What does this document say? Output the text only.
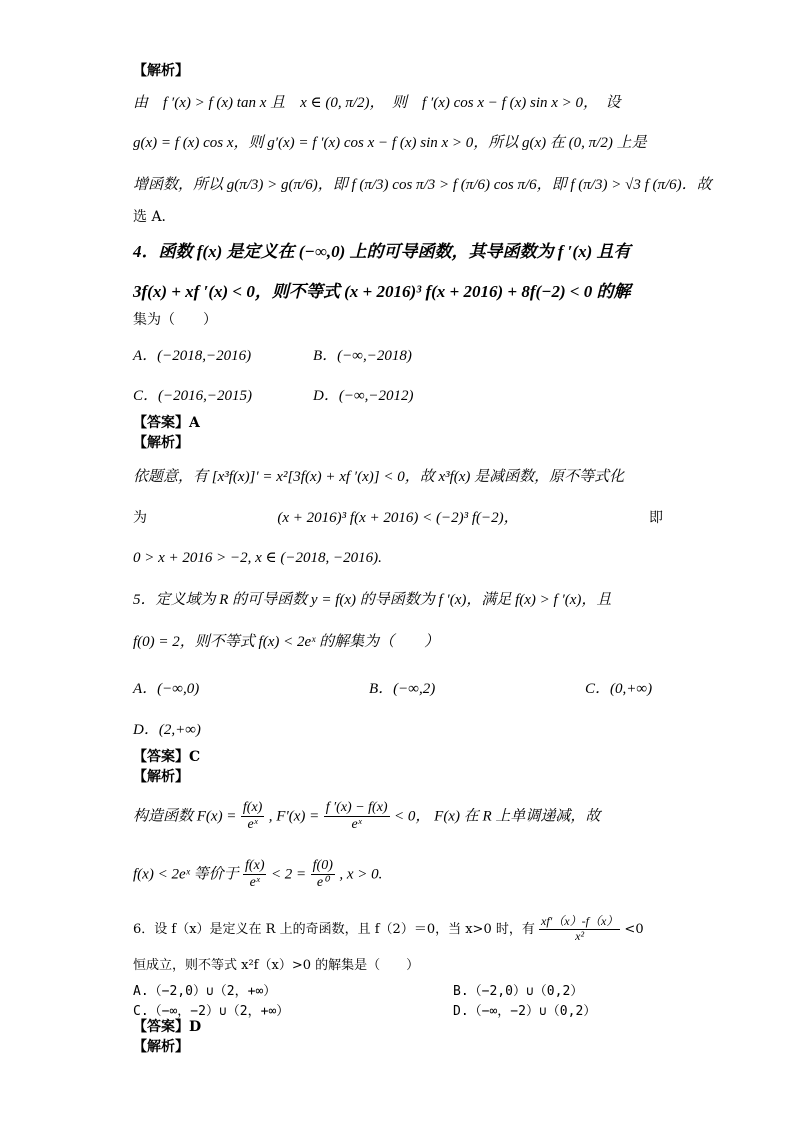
【解析】
由　f ′(x) > f (x) tan x 且　x ∈ (0, π/2)，　则　f ′(x) cos x − f (x) sin x > 0，　设
g(x) = f (x) cos x，则 g′(x) = f ′(x) cos x − f (x) sin x > 0，所以 g(x) 在 (0, π/2) 上是
增函数，所以 g(π/3) > g(π/6)，即 f (π/3) cos π/3 > f (π/6) cos π/6，即 f (π/3) > √3 f (π/6)．故
选 A．
4．函数 f(x) 是定义在 (−∞,0) 上的可导函数，其导函数为 f ′(x) 且有
3f(x) + xf ′(x) < 0，则不等式 (x + 2016)³ f(x + 2016) + 8f(−2) < 0 的解
集为（　　）
A．(−2018,−2016)	B．(−∞,−2018)
C．(−2016,−2015)	D．(−∞,−2012)
【答案】A
【解析】
依题意，有 [x³f(x)]′ = x²[3f(x) + xf ′(x)] < 0，故 x³f(x) 是减函数，原不等式化
为	(x + 2016)³ f(x + 2016) < (−2)³ f(−2)，	即
0 > x + 2016 > −2, x ∈ (−2018, −2016).
5．定义域为 R 的可导函数 y = f(x) 的导函数为 f ′(x)，满足 f(x) > f ′(x)，且
f(0) = 2，则不等式 f(x) < 2eˣ 的解集为（　　）
A．(−∞,0)	B．(−∞,2)	C．(0,+∞)
D．(2,+∞)
【答案】C
【解析】
构造函数 $F(x) = \frac{f(x)}{\text{eˣ}}$ , $F'(x) = \frac{f '(x) - f(x)}{\text{eˣ}} < 0$， F(x) 在 R 上单调递减，故
f(x) < 2eˣ 等价于 $\frac{f(x)}{\text{eˣ}} < 2 = \frac{f(0)}{\text{e⁰}}$ , x > 0.
6．设 f（x）是定义在 R 上的奇函数，且 f（2）＝0，当 x>0 时，有 $\frac{xf'(x)-f(x)}{\text{x²}} <0$
恒成立，则不等式 x²f（x）>0 的解集是（　　）
A.（−2,0）∪（2，+∞）	B.（−2,0）∪（0,2）
C.（−∞，−2）∪（2，+∞）	D.（−∞，−2）∪（0,2）
【答案】D
【解析】
